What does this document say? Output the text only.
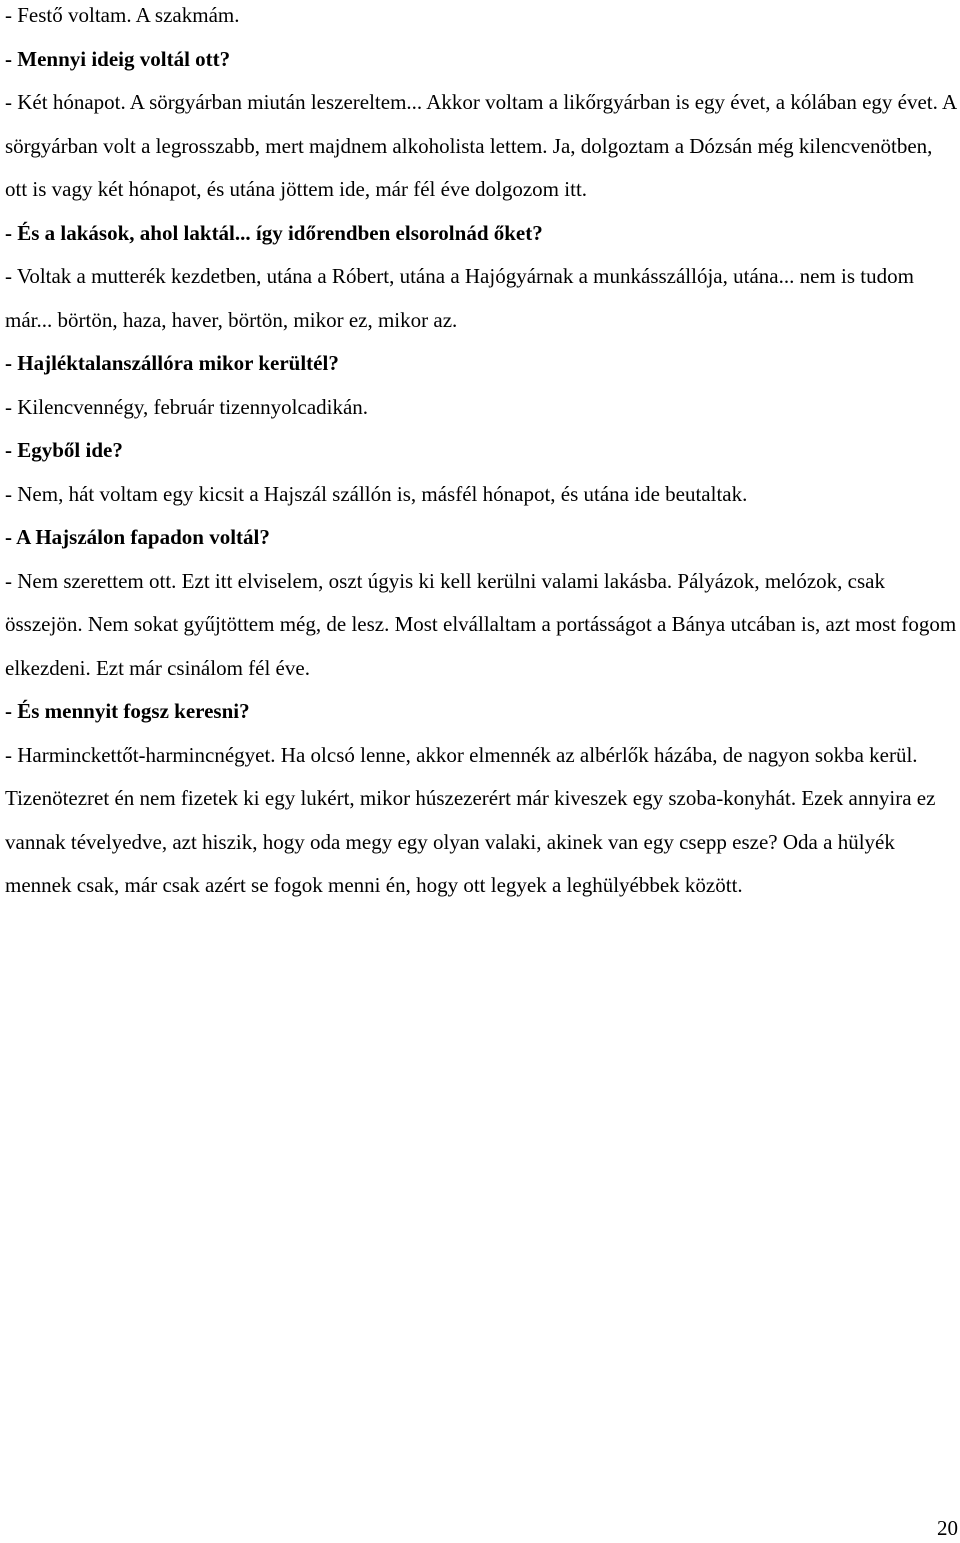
- Festő voltam. A szakmám.

- Mennyi ideig voltál ott?

- Két hónapot. A sörgyárban miután leszereltem... Akkor voltam a likőrgyárban is egy évet, a kólában egy évet. A sörgyárban volt a legrosszabb, mert majdnem alkoholista lettem. Ja, dolgoztam a Dózsán még kilencvenötben, ott is vagy két hónapot, és utána jöttem ide, már fél éve dolgozom itt.

- És a lakások, ahol laktál... így időrendben elsorolnád őket?

- Voltak a mutterék kezdetben, utána a Róbert, utána a Hajógyárnak a munkásszállója, utána... nem is tudom már... börtön, haza, haver, börtön, mikor ez, mikor az.

- Hajléktalanszállóra mikor kerültél?

- Kilencvennégy, február tizennyolcadikán.

- Egyből ide?

- Nem, hát voltam egy kicsit a Hajszál szállón is, másfél hónapot, és utána ide beutaltak.

- A Hajszálon fapadon voltál?

- Nem szerettem ott. Ezt itt elviselem, oszt úgyis ki kell kerülni valami lakásba. Pályázok, melózok, csak összejön. Nem sokat gyűjtöttem még, de lesz. Most elvállaltam a portásságot a Bánya utcában is, azt most fogom elkezdeni. Ezt már csinálom fél éve.

- És mennyit fogsz keresni?

- Harminckettőt-harmincnégyet. Ha olcsó lenne, akkor elmennék az albérlők házába, de nagyon sokba kerül. Tizenötezret én nem fizetek ki egy lukért, mikor húszezerért már kiveszek egy szoba-konyhát. Ezek annyira ez vannak tévelyedve, azt hiszik, hogy oda megy egy olyan valaki, akinek van egy csepp esze? Oda a hülyék mennek csak, már csak azért se fogok menni én, hogy ott legyek a leghülyébbek között.

20
